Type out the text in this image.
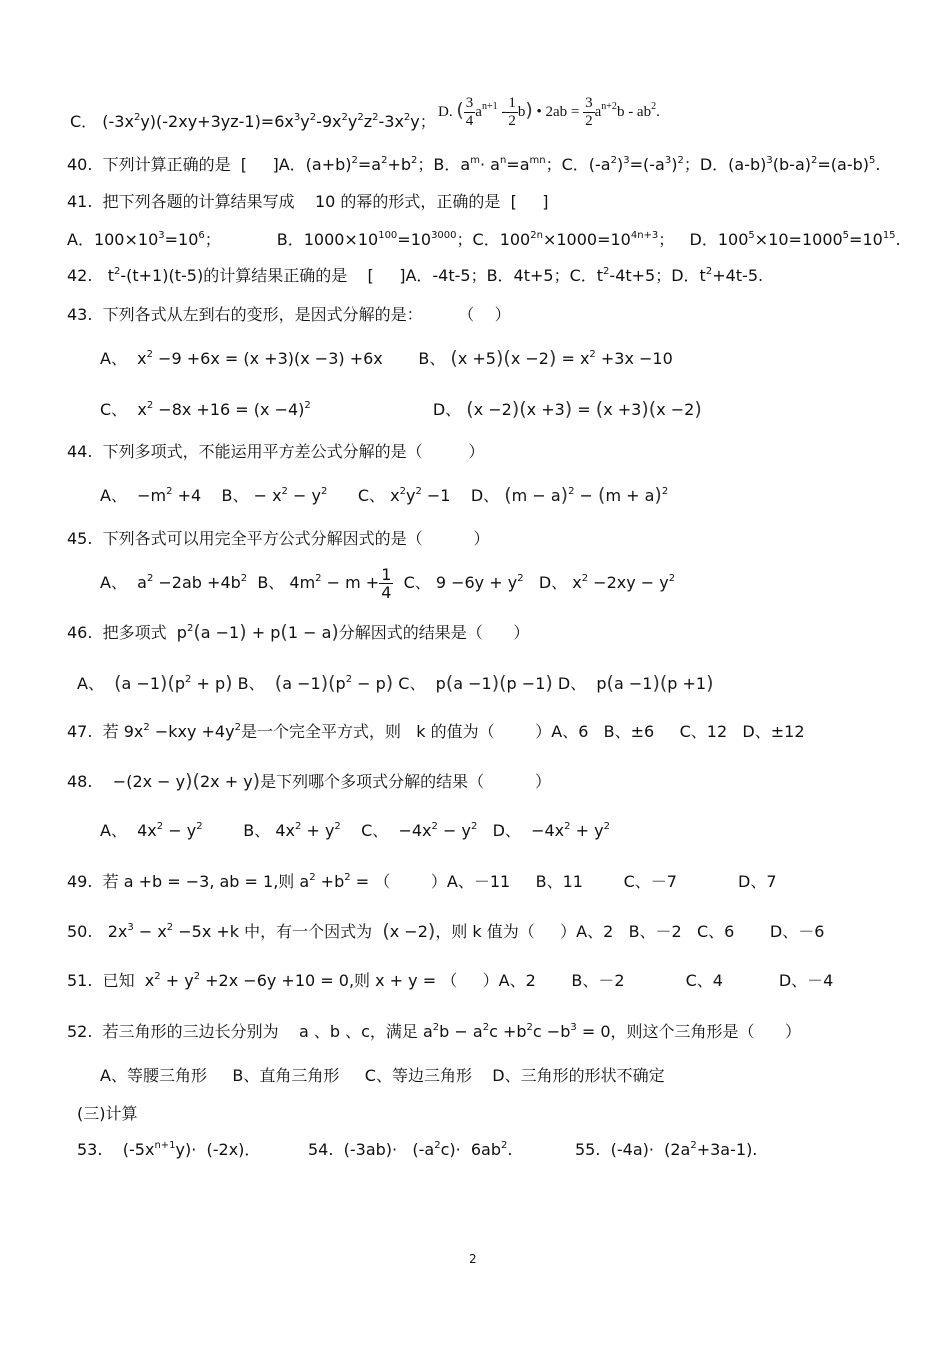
C． $(-3x^2y)(-2xy+3yz-1)=6x^3y^2-9x^2y^2z^2-3x^2y$； D. ( $\frac{3}{4} a^{n+1} - \frac{1}{2} b$) • $2ab = \frac{3}{2} a^{n+2}b - ab^2$.
40.  下列计算正确的是  [     ]A．$(a+b)^2=a^2+b^2$；B．$a^m\cdot a^n=a^{mn}$；C．$(-a^2)^3=(-a^3)^2$；D．$(a-b)^3(b-a)^2=(a-b)^5$.
41.  把下列各题的计算结果写成    10 的幂的形式，正确的是  [     ]
A．$100\times 10^3=10^6$；           B．$1000\times 10^{100}=10^{3000}$；C．$100^{2n}\times 1000=10^{4n+3}$；   D．$100^5\times 10=1000^5=10^{15}$.
42.   $t^2-(t+1)(t-5)$的计算结果正确的是    [     ]A．-4t-5；B．4t+5；C．$t^2-4t+5$；D．$t^2+4t-5$.
43.  下列各式从左到右的变形，是因式分解的是：       （    ）
A、  $x^2 -9 +6x = (x +3)(x -3) +6x$       B、 $(x +5)(x -2) = x^2 +3x -10$
C、  $x^2 -8x +16 = (x -4)^2$                        D、 (x −2)(x +3) = (x +3)(x −2)
44.  下列多项式，不能运用平方差公式分解的是（         ）
A、  $-m^2 +4$    B、 − $x^2 - y^2$      C、 $x^2y^2 -1$    D、 $(m - a)^2 - (m + a)^2$
45.  下列各式可以用完全平方公式分解因式的是（          ）
A、  $a^2 -2ab +4b^2$  B、 $4m^2 - m + \frac{1}{4}$ C、 $9 -6y + y^2$   D、 $x^2 -2xy - y^2$
46.  把多项式  $p^2(a -1) + p(1 - a)$分解因式的结果是（      ）
A、  $(a -1)(p^2 + p)$ B、  $(a -1)(p^2 - p)$ C、  p(a −1)(p −1) D、  p(a −1)(p +1)
47.  若 $9x^2 -kxy +4y^2$是一个完全平方式，则   k 的值为（        ）A、6   B、±6     C、12   D、±12
48.    −(2x − y)(2x + y)是下列哪个多项式分解的结果（          ）
A、  $4x^2 - y^2$        B、 $4x^2 + y^2$    C、  $-4x^2 - y^2$   D、  $-4x^2 + y^2$
49.  若 a +b = −3, ab = 1,则 $a^2 +b^2$ = （        ）A、－11     B、11        C、－7            D、7
50.   $2x^3 - x^2 -5x +k$ 中，有一个因式为  (x −2)，则 k 值为（     ）A、2   B、－2   C、6       D、－6
51.  已知  $x^2 + y^2 +2x -6y +10 = 0$,则 x + y = （     ）A、2       B、－2            C、4           D、－4
52.  若三角形的三边长分别为    a 、b 、c，满足 $a^2b - a^2c +b^2c -b^3 = 0$，则这个三角形是（      ）
A、等腰三角形     B、直角三角形     C、等边三角形    D、三角形的形状不确定
(三)计算
53.    $(-5x^{n+1}y)\cdot (-2x)$．	54.  $(-3ab)\cdot (-a^2c)\cdot 6ab^2$.	55.  $(-4a)\cdot (2a^2+3a-1)$.
2
